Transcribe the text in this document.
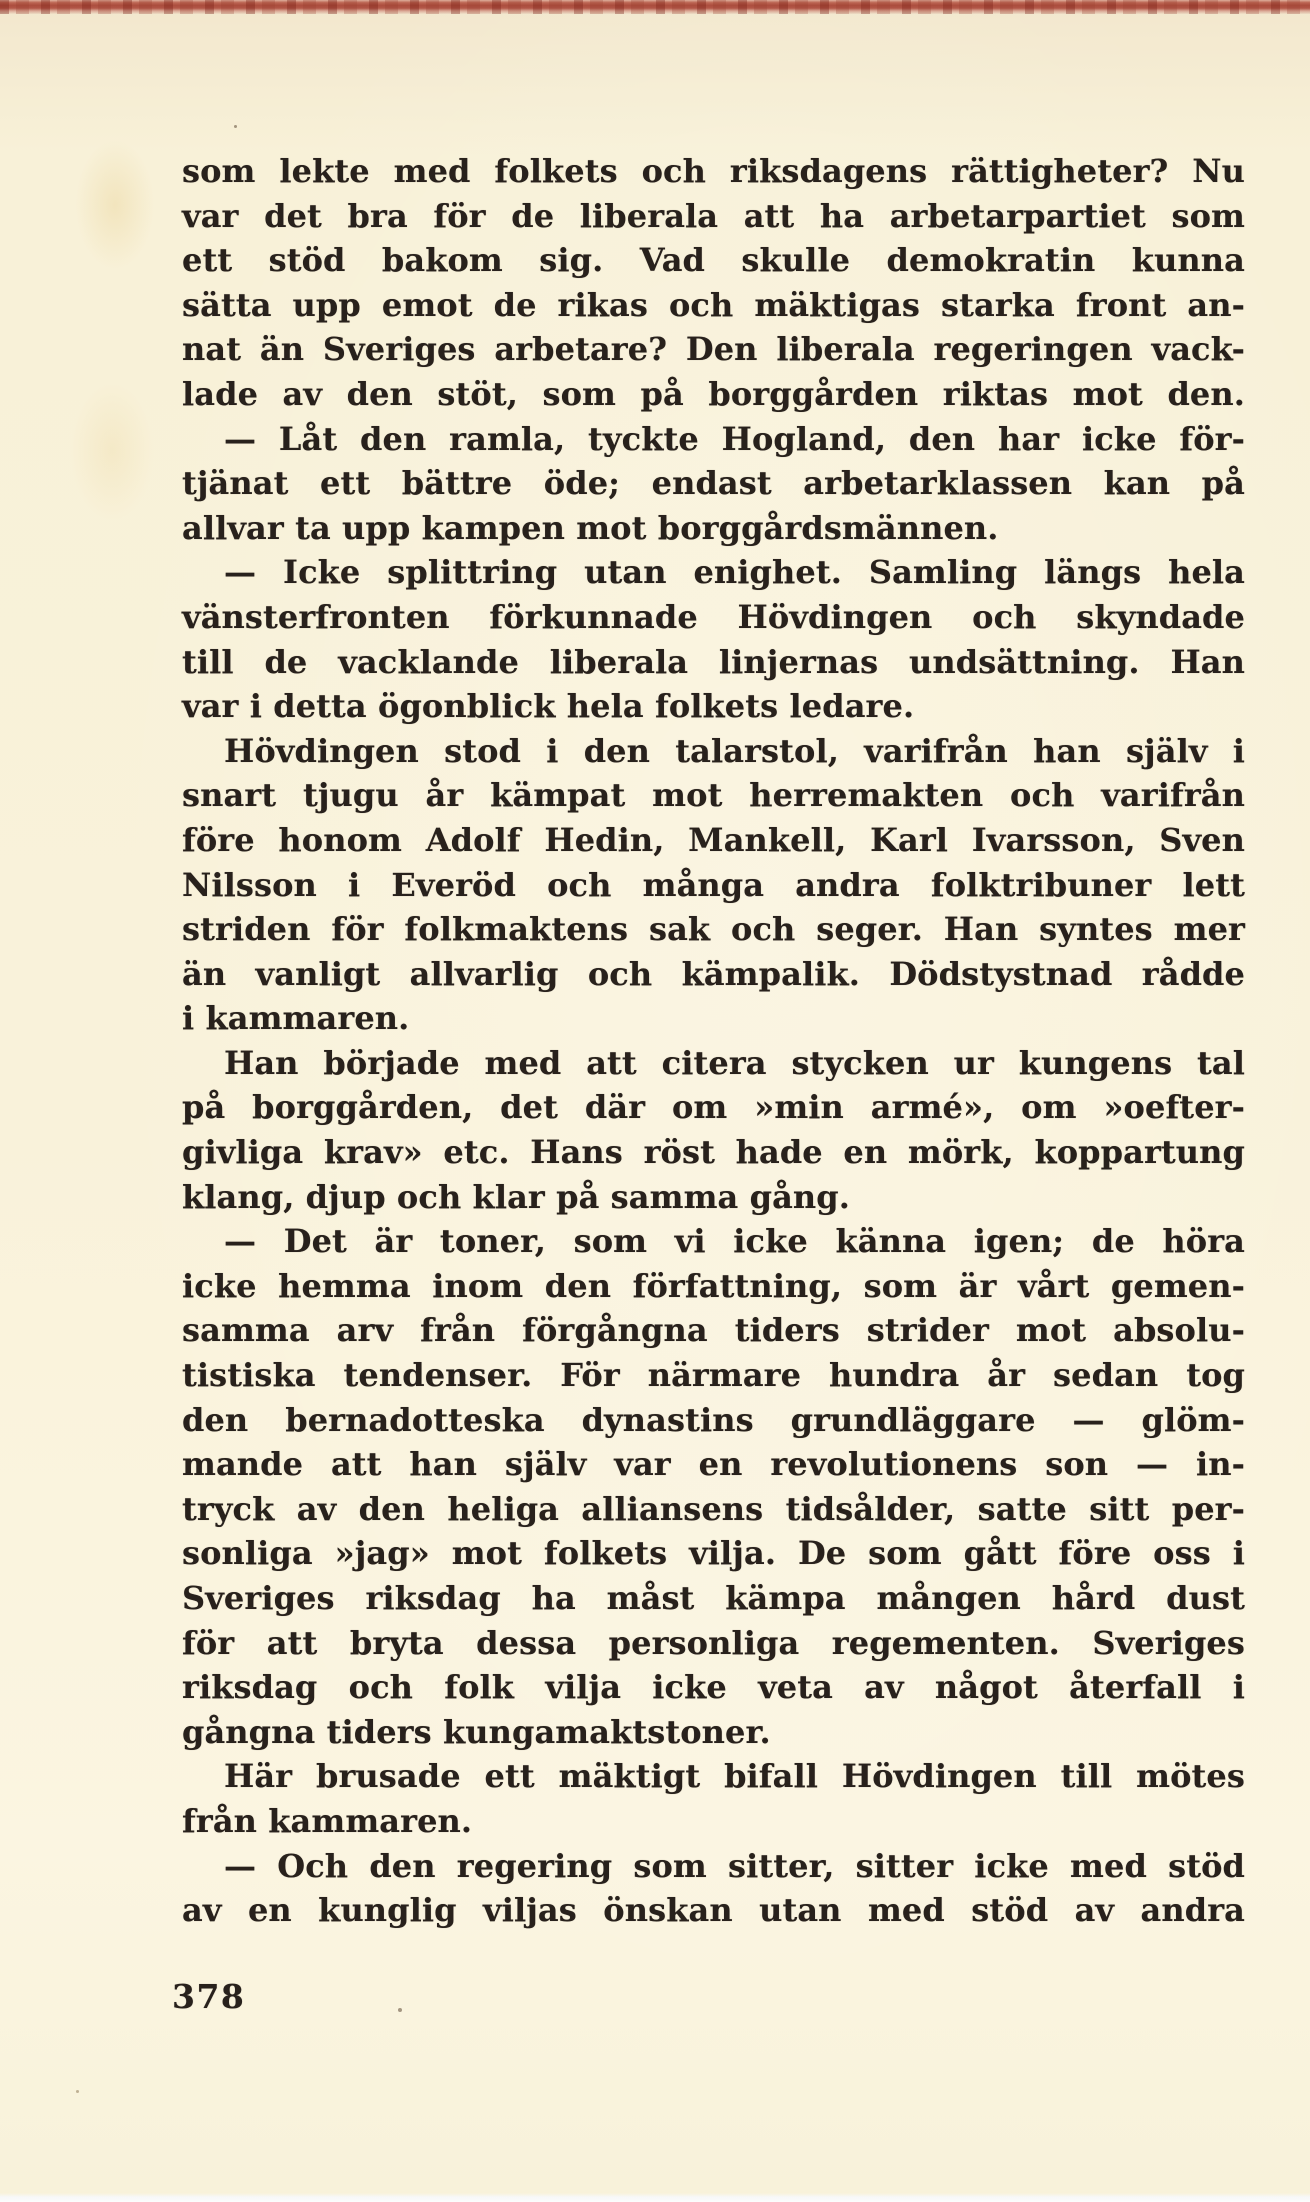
som lekte med folkets och riksdagens rättigheter? Nu
var det bra för de liberala att ha arbetarpartiet som
ett stöd bakom sig. Vad skulle demokratin kunna
sätta upp emot de rikas och mäktigas starka front an-
nat än Sveriges arbetare? Den liberala regeringen vack-
lade av den stöt, som på borggården riktas mot den.
— Låt den ramla, tyckte Hogland, den har icke för-
tjänat ett bättre öde; endast arbetarklassen kan på
allvar ta upp kampen mot borggårdsmännen.
— Icke splittring utan enighet. Samling längs hela
vänsterfronten förkunnade Hövdingen och skyndade
till de vacklande liberala linjernas undsättning. Han
var i detta ögonblick hela folkets ledare.
Hövdingen stod i den talarstol, varifrån han själv i
snart tjugu år kämpat mot herremakten och varifrån
före honom Adolf Hedin, Mankell, Karl Ivarsson, Sven
Nilsson i Everöd och många andra folktribuner lett
striden för folkmaktens sak och seger. Han syntes mer
än vanligt allvarlig och kämpalik. Dödstystnad rådde
i kammaren.
Han började med att citera stycken ur kungens tal
på borggården, det där om »min armé», om »oefter-
givliga krav» etc. Hans röst hade en mörk, koppartung
klang, djup och klar på samma gång.
— Det är toner, som vi icke känna igen; de höra
icke hemma inom den författning, som är vårt gemen-
samma arv från förgångna tiders strider mot absolu-
tistiska tendenser. För närmare hundra år sedan tog
den bernadotteska dynastins grundläggare — glöm-
mande att han själv var en revolutionens son — in-
tryck av den heliga alliansens tidsålder, satte sitt per-
sonliga »jag» mot folkets vilja. De som gått före oss i
Sveriges riksdag ha måst kämpa mången hård dust
för att bryta dessa personliga regementen. Sveriges
riksdag och folk vilja icke veta av något återfall i
gångna tiders kungamaktstoner.
Här brusade ett mäktigt bifall Hövdingen till mötes
från kammaren.
— Och den regering som sitter, sitter icke med stöd
av en kunglig viljas önskan utan med stöd av andra
378
